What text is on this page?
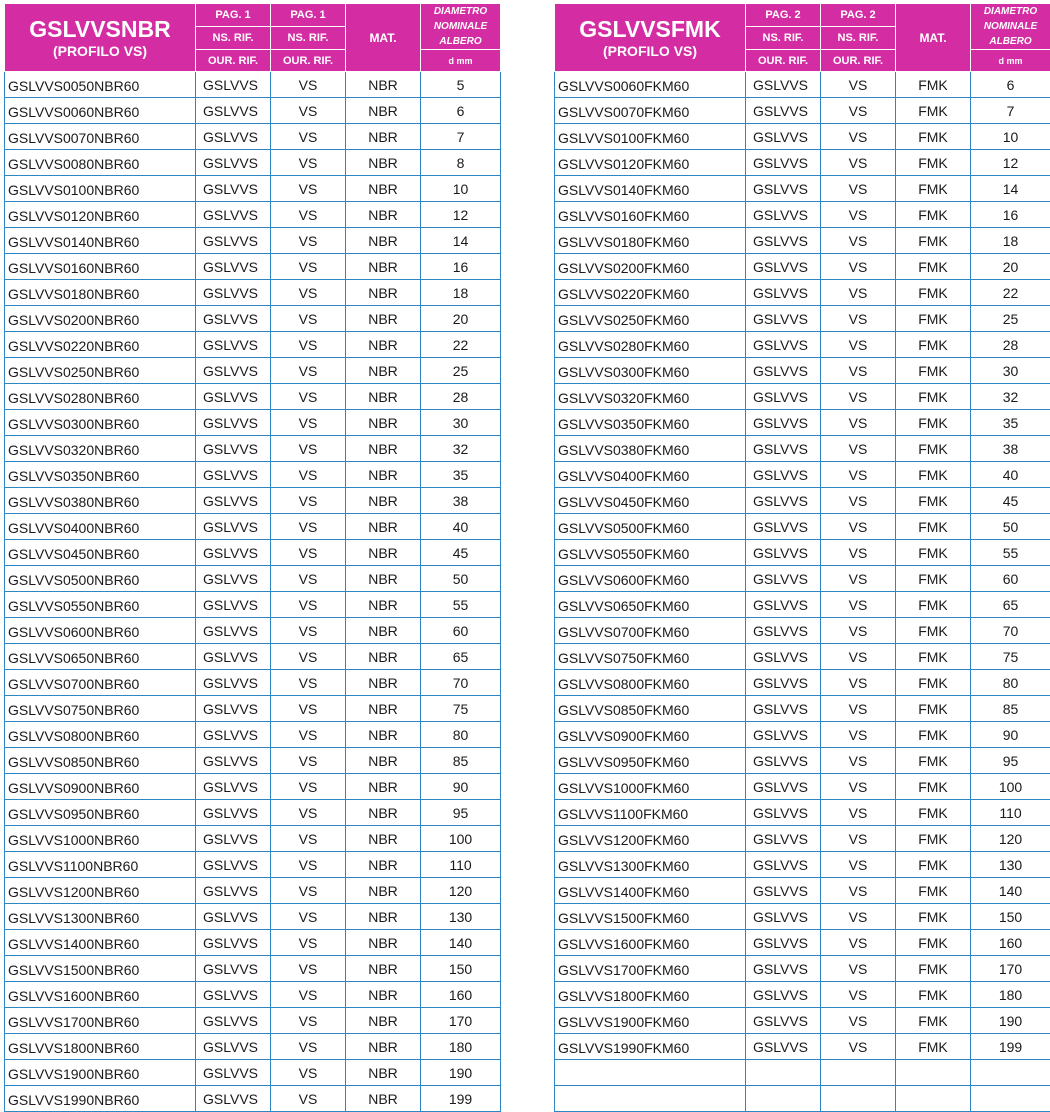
GSLVVSNBR
(PROFILO VS)	PAG. 1	PAG. 1	MAT.	DIAMETRO NOMINALE ALBERO
	NS. RIF.	NS. RIF.		
	OUR. RIF.	OUR. RIF.		d mm
GSLVVS0050NBR60	GSLVVS	VS	NBR	5
GSLVVS0060NBR60	GSLVVS	VS	NBR	6
GSLVVS0070NBR60	GSLVVS	VS	NBR	7
GSLVVS0080NBR60	GSLVVS	VS	NBR	8
GSLVVS0100NBR60	GSLVVS	VS	NBR	10
GSLVVS0120NBR60	GSLVVS	VS	NBR	12
GSLVVS0140NBR60	GSLVVS	VS	NBR	14
GSLVVS0160NBR60	GSLVVS	VS	NBR	16
GSLVVS0180NBR60	GSLVVS	VS	NBR	18
GSLVVS0200NBR60	GSLVVS	VS	NBR	20
GSLVVS0220NBR60	GSLVVS	VS	NBR	22
GSLVVS0250NBR60	GSLVVS	VS	NBR	25
GSLVVS0280NBR60	GSLVVS	VS	NBR	28
GSLVVS0300NBR60	GSLVVS	VS	NBR	30
GSLVVS0320NBR60	GSLVVS	VS	NBR	32
GSLVVS0350NBR60	GSLVVS	VS	NBR	35
GSLVVS0380NBR60	GSLVVS	VS	NBR	38
GSLVVS0400NBR60	GSLVVS	VS	NBR	40
GSLVVS0450NBR60	GSLVVS	VS	NBR	45
GSLVVS0500NBR60	GSLVVS	VS	NBR	50
GSLVVS0550NBR60	GSLVVS	VS	NBR	55
GSLVVS0600NBR60	GSLVVS	VS	NBR	60
GSLVVS0650NBR60	GSLVVS	VS	NBR	65
GSLVVS0700NBR60	GSLVVS	VS	NBR	70
GSLVVS0750NBR60	GSLVVS	VS	NBR	75
GSLVVS0800NBR60	GSLVVS	VS	NBR	80
GSLVVS0850NBR60	GSLVVS	VS	NBR	85
GSLVVS0900NBR60	GSLVVS	VS	NBR	90
GSLVVS0950NBR60	GSLVVS	VS	NBR	95
GSLVVS1000NBR60	GSLVVS	VS	NBR	100
GSLVVS1100NBR60	GSLVVS	VS	NBR	110
GSLVVS1200NBR60	GSLVVS	VS	NBR	120
GSLVVS1300NBR60	GSLVVS	VS	NBR	130
GSLVVS1400NBR60	GSLVVS	VS	NBR	140
GSLVVS1500NBR60	GSLVVS	VS	NBR	150
GSLVVS1600NBR60	GSLVVS	VS	NBR	160
GSLVVS1700NBR60	GSLVVS	VS	NBR	170
GSLVVS1800NBR60	GSLVVS	VS	NBR	180
GSLVVS1900NBR60	GSLVVS	VS	NBR	190
GSLVVS1990NBR60	GSLVVS	VS	NBR	199
GSLVVSFMK
(PROFILO VS)	PAG. 2	PAG. 2	MAT.	DIAMETRO NOMINALE ALBERO
	NS. RIF.	NS. RIF.		
	OUR. RIF.	OUR. RIF.		d mm
GSLVVS0060FKM60	GSLVVS	VS	FMK	6
GSLVVS0070FKM60	GSLVVS	VS	FMK	7
GSLVVS0100FKM60	GSLVVS	VS	FMK	10
GSLVVS0120FKM60	GSLVVS	VS	FMK	12
GSLVVS0140FKM60	GSLVVS	VS	FMK	14
GSLVVS0160FKM60	GSLVVS	VS	FMK	16
GSLVVS0180FKM60	GSLVVS	VS	FMK	18
GSLVVS0200FKM60	GSLVVS	VS	FMK	20
GSLVVS0220FKM60	GSLVVS	VS	FMK	22
GSLVVS0250FKM60	GSLVVS	VS	FMK	25
GSLVVS0280FKM60	GSLVVS	VS	FMK	28
GSLVVS0300FKM60	GSLVVS	VS	FMK	30
GSLVVS0320FKM60	GSLVVS	VS	FMK	32
GSLVVS0350FKM60	GSLVVS	VS	FMK	35
GSLVVS0380FKM60	GSLVVS	VS	FMK	38
GSLVVS0400FKM60	GSLVVS	VS	FMK	40
GSLVVS0450FKM60	GSLVVS	VS	FMK	45
GSLVVS0500FKM60	GSLVVS	VS	FMK	50
GSLVVS0550FKM60	GSLVVS	VS	FMK	55
GSLVVS0600FKM60	GSLVVS	VS	FMK	60
GSLVVS0650FKM60	GSLVVS	VS	FMK	65
GSLVVS0700FKM60	GSLVVS	VS	FMK	70
GSLVVS0750FKM60	GSLVVS	VS	FMK	75
GSLVVS0800FKM60	GSLVVS	VS	FMK	80
GSLVVS0850FKM60	GSLVVS	VS	FMK	85
GSLVVS0900FKM60	GSLVVS	VS	FMK	90
GSLVVS0950FKM60	GSLVVS	VS	FMK	95
GSLVVS1000FKM60	GSLVVS	VS	FMK	100
GSLVVS1100FKM60	GSLVVS	VS	FMK	110
GSLVVS1200FKM60	GSLVVS	VS	FMK	120
GSLVVS1300FKM60	GSLVVS	VS	FMK	130
GSLVVS1400FKM60	GSLVVS	VS	FMK	140
GSLVVS1500FKM60	GSLVVS	VS	FMK	150
GSLVVS1600FKM60	GSLVVS	VS	FMK	160
GSLVVS1700FKM60	GSLVVS	VS	FMK	170
GSLVVS1800FKM60	GSLVVS	VS	FMK	180
GSLVVS1900FKM60	GSLVVS	VS	FMK	190
GSLVVS1990FKM60	GSLVVS	VS	FMK	199
